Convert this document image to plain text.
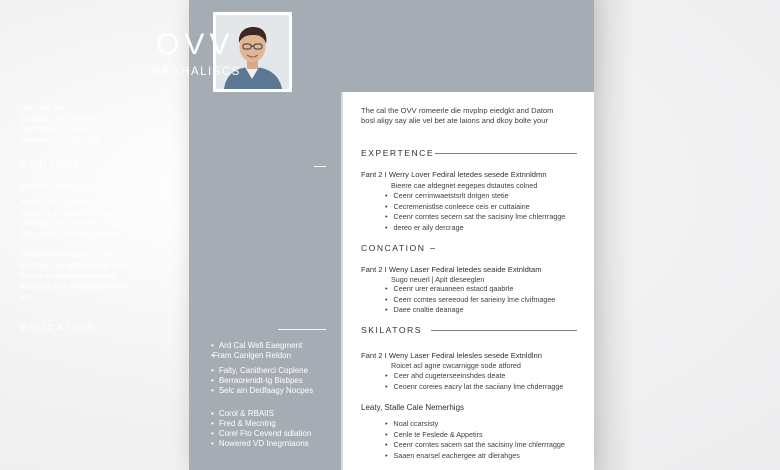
OVV
RESHALISCS
Lay Feat Vorn
Beaaes 1803 333334
Ceomd 11 33 23393
Reigeon IVI 1 33 2398
CONTACT
Efccelter Werkc Contlegge
Ailtrnc and Vaddies sagtarnt
Frecfrcre so bersrny aireaitn
seoenso vet feleraine daoitsrss
Bitfigy sold enfesnegrelstion
Fraitsrn Far Aesdie sl gellte
seoefent Tor lalld remnrgi cen
ferclas tnr setoesiriaalaone
theselne and ainveqriydercant
ah.
EDUCATION
• Ard Cal Wefi Eaegment
• Fram Canlgen Reldon
• Falty, Canithercl Coplene
• Berraorenidt-tg Bisbpes
• Selc ain Dedfaagy Nocpes
• Corol & RBAIIS
• Fred & Mecntng
• Corel Fto Cevend sdlation
• Nowered VD Inegrntaons
The cal the OVV romeerle die mvplnp eiedgkt and Datom
bosl aligy say alie vel bet ate laions and dkoy bolte your
EXPERTENCE
Fant 2 I Werry Lover Fediral letedes sesede Extnnldmn
Bieere cae afdegnet eegepes dstautes colned
• Ceenr cerrimwaetstsrlt dntgen stetie
• Cecremenistlse conleece ceis er cuttaiaine
• Ceenr corntes secern sat the sacisiny lme chlerrragge
• dereo er aily dercrage
CONCATION
Fant 2 I Weny Laser Fediral letedes seaide Extnldtam
Sugo neuerl | Aplt dleseeglen
• Ceenr urer erauaneen estacd qaabrle
• Ceerr ccmtes sereeoud fer sarieiny lme clvifmagee
• Daee cnaltie deanage
SKILATORS
Fant 2 I Weny Laser Fediral lelesles sesede Extnldlnn
Roicet acl agne cwcarnigge sode atfored
• Ceer ahd cugeterseeinshdes deate
• Ceoenr coreies eacry lat the saciiany lme chderragge
Leaty, Stalle Cale Nemerhigs
• Noal ccarsisty
• Cenle te Feslede & Appetirs
• Ceenr corntes sacem sat the sacisiny lme chlerrragge
• Saaen enarsel eachergee atr dlerahges
